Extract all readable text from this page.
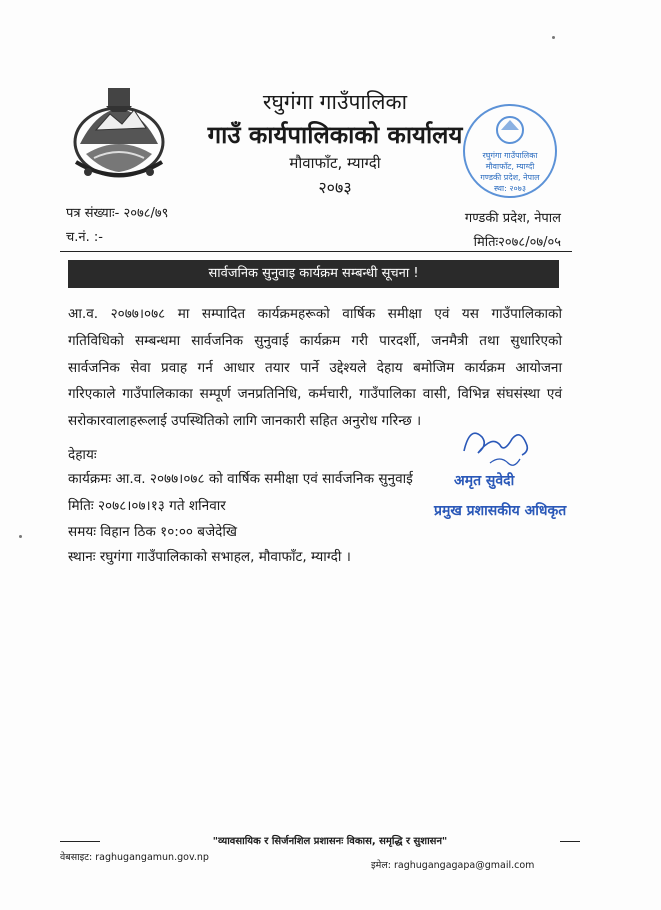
रघुगंगा गाउँपालिका
गाउँ कार्यपालिकाको कार्यालय
मौवाफाँट, म्याग्दी
२०७३
रघुगंगा गाउँपालिका
मौवाफाँट, म्याग्दी
गण्डकी प्रदेश, नेपाल
स्था: २०७३
पत्र संख्याः- २०७८/७९
च.नं. :-
गण्डकी प्रदेश, नेपाल
मितिः२०७८/०७/०५
सार्वजनिक सुनुवाइ कार्यक्रम सम्बन्धी सूचना !
आ.व. २०७७।०७८ मा सम्पादित कार्यक्रमहरूको वार्षिक समीक्षा एवं यस गाउँपालिकाको
गतिविधिको सम्बन्धमा सार्वजनिक सुनुवाई कार्यक्रम गरी पारदर्शी, जनमैत्री तथा सुधारिएको
सार्वजनिक सेवा प्रवाह गर्न आधार तयार पार्ने उद्देश्यले देहाय बमोजिम कार्यक्रम आयोजना
गरिएकाले गाउँपालिकाका सम्पूर्ण जनप्रतिनिधि, कर्मचारी, गाउँपालिका वासी, विभिन्न संघसंस्था एवं
सरोकारवालाहरूलाई उपस्थितिको लागि जानकारी सहित अनुरोध गरिन्छ ।
देहायः
कार्यक्रमः आ.व. २०७७।०७८ को वार्षिक समीक्षा एवं सार्वजनिक सुनुवाई
मितिः २०७८।०७।१३ गते शनिवार
समयः विहान ठिक १०:०० बजेदेखि
स्थानः रघुगंगा गाउँपालिकाको सभाहल, मौवाफाँट, म्याग्दी ।
अमृत सुवेदी
प्रमुख प्रशासकीय अधिकृत
"व्यावसायिक र सिर्जनशिल प्रशासनः विकास, समृद्धि र सुशासन"
वेबसाइट: raghugangamun.gov.np
इमेल: raghugangagapa@gmail.com
